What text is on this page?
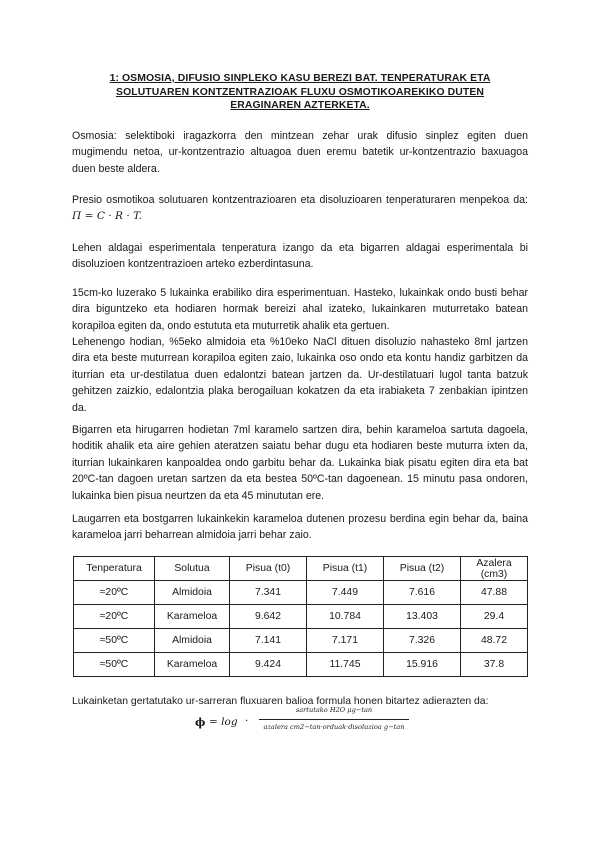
1: OSMOSIA, DIFUSIO SINPLEKO KASU BEREZI BAT. TENPERATURAK ETA
SOLUTUAREN KONTZENTRAZIOAK FLUXU OSMOTIKOAREKIKO DUTEN
ERAGINAREN AZTERKETA.
Osmosia: selektiboki iragazkorra den mintzean zehar urak difusio sinplez egiten duen mugimendu netoa, ur-kontzentrazio altuagoa duen eremu batetik ur-kontzentrazio baxuagoa duen beste aldera.
Presio osmotikoa solutuaren kontzentrazioaren eta disoluzioaren tenperaturaren menpekoa da: Π = C · R · T.
Lehen aldagai esperimentala tenperatura izango da eta bigarren aldagai esperimentala bi disoluzioen kontzentrazioen arteko ezberdintasuna.
15cm-ko luzerako 5 lukainka erabiliko dira esperimentuan. Hasteko, lukainkak ondo busti behar dira biguntzeko eta hodiaren hormak bereizi ahal izateko, lukainkaren muturretako batean korapiloa egiten da, ondo estututa eta muturretik ahalik eta gertuen.
Lehenengo hodian, %5eko almidoia eta %10eko NaCl dituen disoluzio nahasteko 8ml jartzen dira eta beste muturrean korapiloa egiten zaio, lukainka oso ondo eta kontu handiz garbitzen da iturrian eta ur-destilatua duen edalontzi batean jartzen da. Ur-destilatuari lugol tanta batzuk gehitzen zaizkio, edalontzia plaka berogailuan kokatzen da eta irabiaketa 7 zenbakian ipintzen da.
Bigarren eta hirugarren hodietan 7ml karamelo sartzen dira, behin karameloa sartuta dagoela, hoditik ahalik eta aire gehien ateratzen saiatu behar dugu eta hodiaren beste muturra ixten da, iturrian lukainkaren kanpoaldea ondo garbitu behar da. Lukainka biak pisatu egiten dira eta bat 20ºC-tan dagoen uretan sartzen da eta bestea 50ºC-tan dagoenean. 15 minutu pasa ondoren, lukainka bien pisua neurtzen da eta 45 minututan ere.
Laugarren eta bostgarren lukainkekin karameloa dutenen prozesu berdina egin behar da, baina karameloa jarri beharrean almidoia jarri behar zaio.
Tenperatura	Solutua	Pisua (t0)	Pisua (t1)	Pisua (t2)	Azalera (cm3)
≈20ºC	Almidoia	7.341	7.449	7.616	47.88
≈20ºC	Karameloa	9.642	10.784	13.403	29.4
≈50ºC	Almidoia	7.141	7.171	7.326	48.72
≈50ºC	Karameloa	9.424	11.745	15.916	37.8
Lukainketan gertatutako ur-sarreran fluxuaren balioa formula honen bitartez adierazten da:
ϕ = log ·
sartutako H2O μg−tan
azalera cm2−tan·orduak·disoluzioa g−tan
